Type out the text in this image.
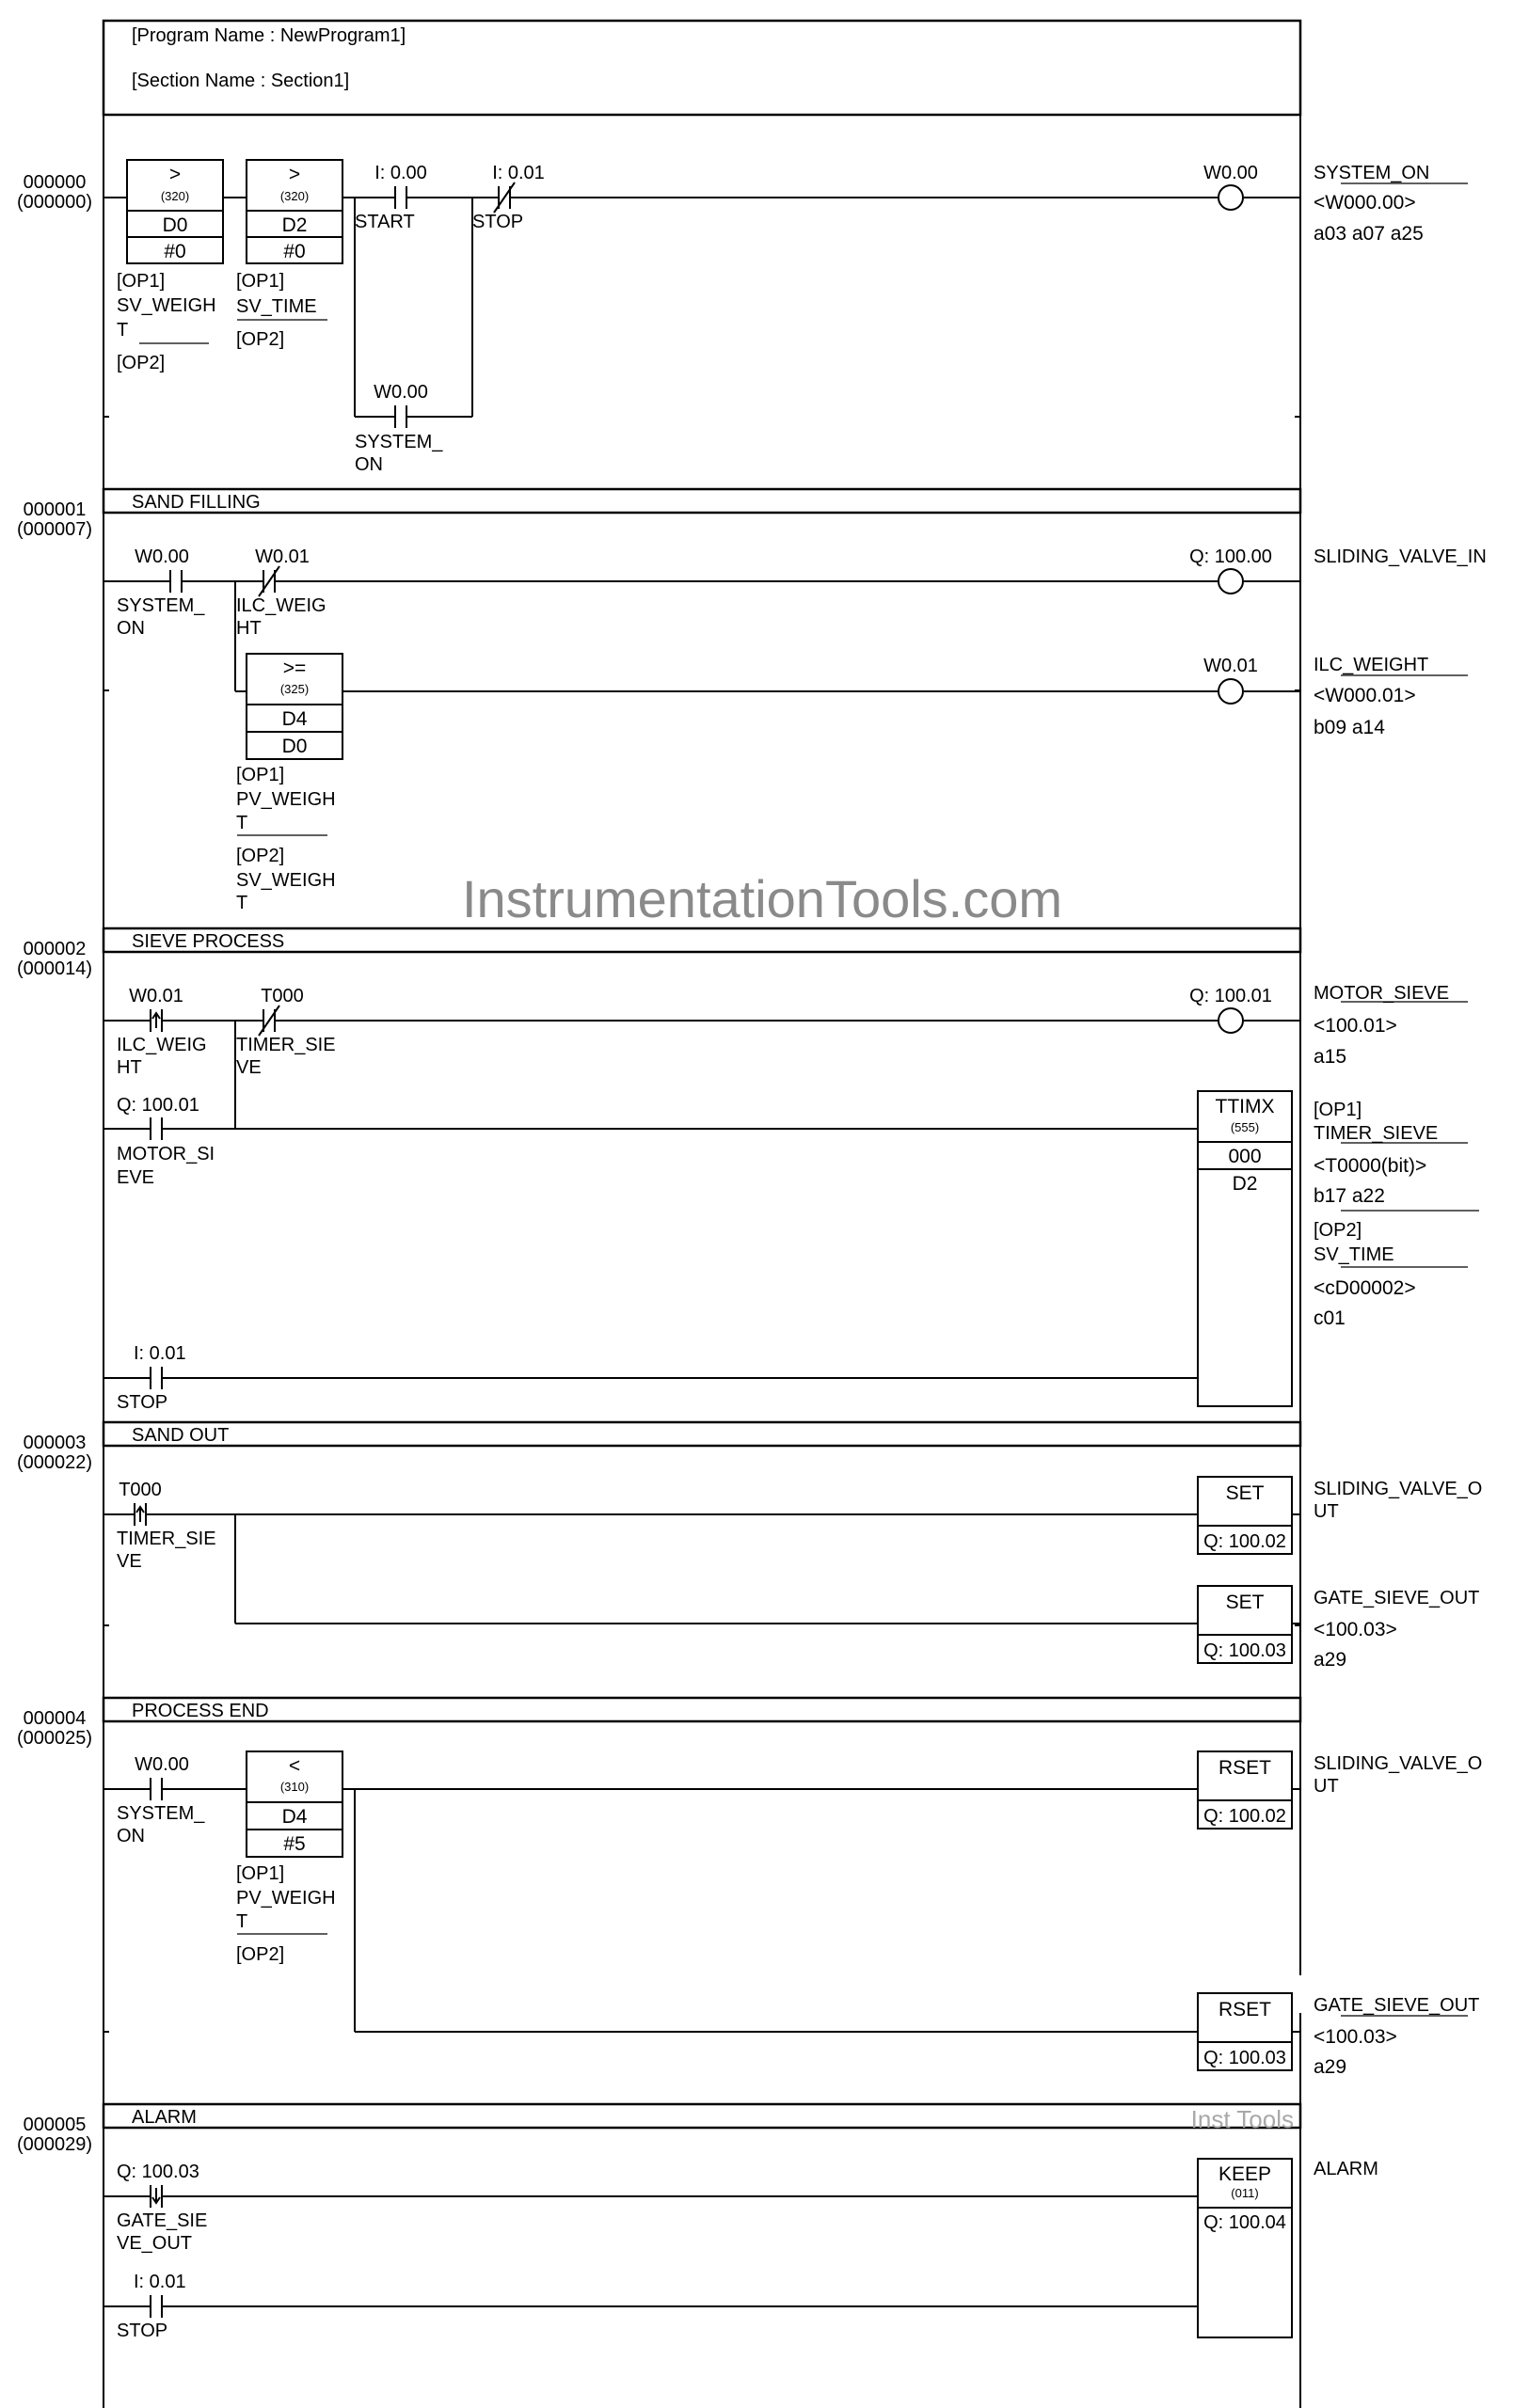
[Program Name : NewProgram1]
[Section Name : Section1]
InstrumentationTools.com
Inst Tools
000000
(000000)
000001
(000007)
000002
(000014)
000003
(000022)
000004
(000025)
000005
(000029)
SAND FILLING
SIEVE PROCESS
SAND OUT
PROCESS END
ALARM
>
(320)
D0
#0
[OP1]
SV_WEIGH
T
[OP2]
>
(320)
D2
#0
[OP1]
SV_TIME
[OP2]
I: 0.00
START
I: 0.01
STOP
W0.00
SYSTEM_
ON
W0.00	SYSTEM_ON
<W000.00>
a03 a07 a25
W0.00
SYSTEM_
ON
W0.01
ILC_WEIG
HT
Q: 100.00 SLIDING_VALVE_IN
>=
(325)
D4
D0
[OP1]
PV_WEIGH
T
[OP2]
SV_WEIGH
T
W0.01	ILC_WEIGHT
<W000.01>
b09 a14
W0.01
ILC_WEIG
HT
T000
TIMER_SIE
VE
Q: 100.01
MOTOR_SI
EVE
I: 0.01
STOP
Q: 100.01 MOTOR_SIEVE
<100.01>
a15
TTIMX
(555)
000
D2
[OP1]
TIMER_SIEVE
<T0000(bit)>
b17 a22
[OP2]
SV_TIME
<cD00002>
c01
T000
TIMER_SIE
VE
SET
Q: 100.02
SLIDING_VALVE_O
UT
SET
Q: 100.03
GATE_SIEVE_OUT
<100.03>
a29
W0.00
SYSTEM_
ON
<
(310)
D4
#5
[OP1]
PV_WEIGH
T
[OP2]
RSET
Q: 100.02
SLIDING_VALVE_O
UT
RSET
Q: 100.03
GATE_SIEVE_OUT
<100.03>
a29
Q: 100.03
GATE_SIE
VE_OUT
I: 0.01
STOP
KEEP
(011)
Q: 100.04
ALARM
